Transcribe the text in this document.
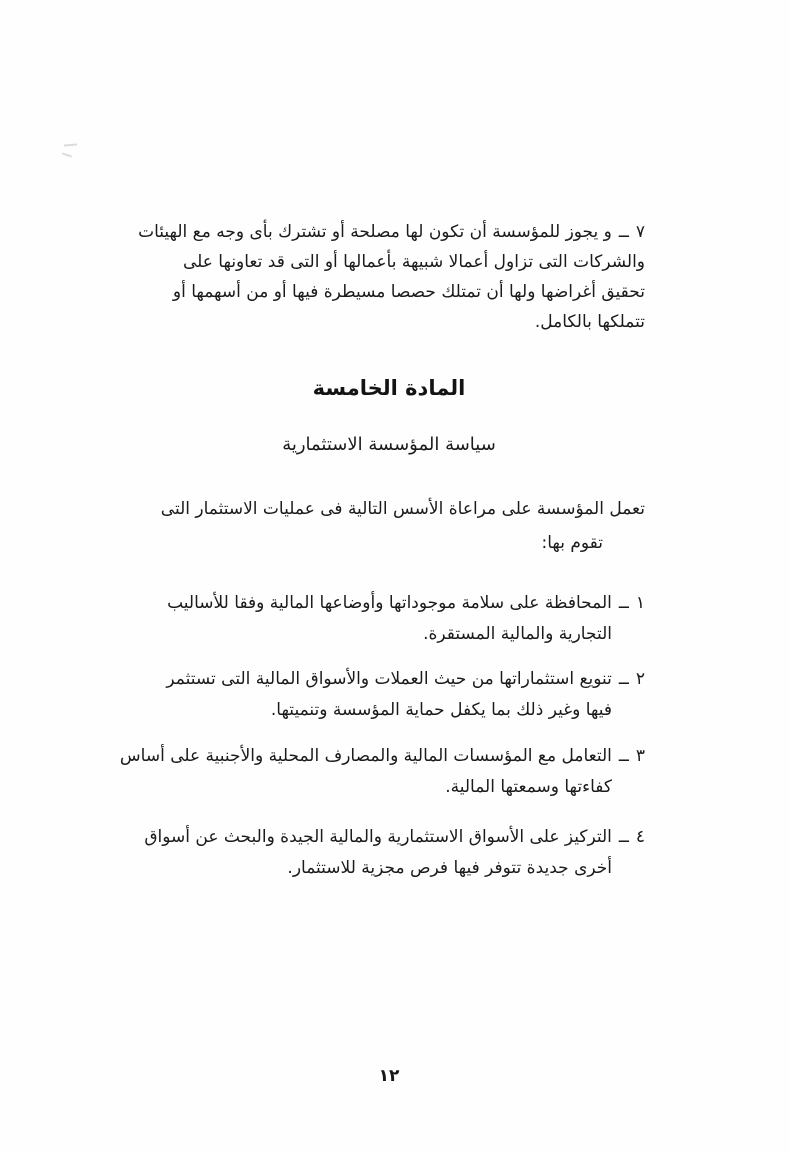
٧
ــ
و يجوز للمؤسسة أن تكون لها مصلحة أو تشترك بأى وجه مع الهيئات
والشركات التى تزاول أعمالا شبيهة بأعمالها أو التى قد تعاونها على
تحقيق أغراضها ولها أن تمتلك حصصا مسيطرة فيها أو من أسهمها أو
تتملكها بالكامل.
المادة الخامسة
سياسة المؤسسة الاستثمارية
تعمل المؤسسة على مراعاة الأسس التالية فى عمليات الاستثمار التى
تقوم بها:
١
ــ
المحافظة على سلامة موجوداتها وأوضاعها المالية وفقا للأساليب
التجارية والمالية المستقرة.
٢
ــ
تنويع استثماراتها من حيث العملات والأسواق المالية التى تستثمر
فيها وغير ذلك بما يكفل حماية المؤسسة وتنميتها.
٣
ــ
التعامل مع المؤسسات المالية والمصارف المحلية والأجنبية على أساس
كفاءتها وسمعتها المالية.
٤
ــ
التركيز على الأسواق الاستثمارية والمالية الجيدة والبحث عن أسواق
أخرى جديدة تتوفر فيها فرص مجزية للاستثمار.
١٢
